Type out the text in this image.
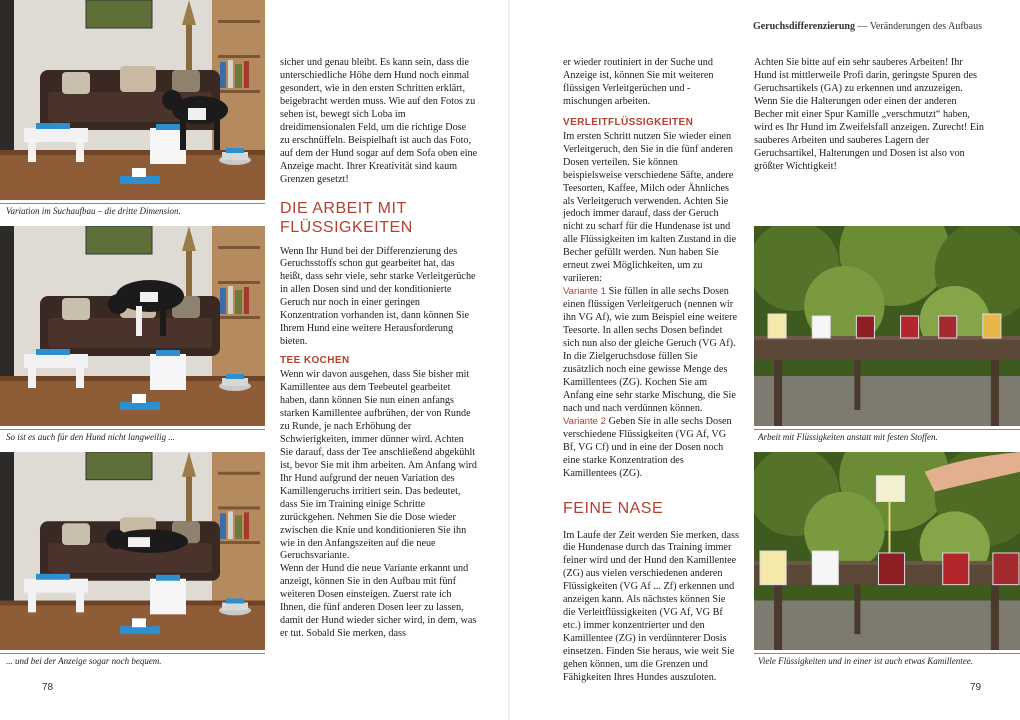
Variation im Suchaufbau – die dritte Dimension.
So ist es auch für den Hund nicht langweilig ...
... und bei der Anzeige sogar noch bequem.
78

sicher und genau bleibt. Es kann sein, dass die unterschiedliche Höhe dem Hund noch einmal gesondert, wie in den ersten Schritten erklärt, beigebracht werden muss. Wie auf den Fotos zu sehen ist, bewegt sich Loba im dreidimensionalen Feld, um die richtige Dose zu erschnüffeln. Beispielhaft ist auch das Foto, auf dem der Hund sogar auf dem Sofa oben eine Anzeige macht. Ihrer Kreativität sind kaum Grenzen gesetzt!

DIE ARBEIT MIT FLÜSSIGKEITEN

Wenn Ihr Hund bei der Differenzierung des Geruchsstoffs schon gut gearbeitet hat, das heißt, dass sehr viele, sehr starke Verleitgerüche in allen Dosen sind und der konditionierte Geruch nur noch in einer geringen Konzentration vorhanden ist, dann können Sie Ihrem Hund eine weitere Herausforderung bieten.

TEE KOCHEN

Wenn wir davon ausgehen, dass Sie bisher mit Kamillentee aus dem Teebeutel gearbeitet haben, dann können Sie nun einen anfangs starken Kamillentee aufbrühen, der von Runde zu Runde, je nach Erhöhung der Schwierigkeiten, immer dünner wird. Achten Sie darauf, dass der Tee anschließend abgekühlt ist, bevor Sie mit ihm arbeiten. Am Anfang wird Ihr Hund aufgrund der neuen Variation des Kamillengeruchs irritiert sein. Das bedeutet, dass Sie im Training einige Schritte zurückgehen. Nehmen Sie die Dose wieder zwischen die Knie und konditionieren Sie ihn wie in den Anfangszeiten auf die neue Geruchsvariante.

Wenn der Hund die neue Variante erkannt und anzeigt, können Sie in den Aufbau mit fünf weiteren Dosen einsteigen. Zuerst rate ich Ihnen, die fünf anderen Dosen leer zu lassen, damit der Hund wieder sicher wird, in dem, was er tut. Sobald Sie merken, dass

Geruchsdifferenzierung — Veränderungen des Aufbaus

er wieder routiniert in der Suche und Anzeige ist, können Sie mit weiteren flüssigen Verleitgerüchen und -mischungen arbeiten.

VERLEITFLÜSSIGKEITEN

Im ersten Schritt nutzen Sie wieder einen Verleitgeruch, den Sie in die fünf anderen Dosen verteilen. Sie können beispielsweise verschiedene Säfte, andere Teesorten, Kaffee, Milch oder Ähnliches als Verleitgeruch verwenden. Achten Sie jedoch immer darauf, dass der Geruch nicht zu scharf für die Hundenase ist und alle Flüssigkeiten im kalten Zustand in die Becher gefüllt werden. Nun haben Sie erneut zwei Möglichkeiten, um zu variieren:

Variante 1 Sie füllen in alle sechs Dosen einen flüssigen Verleitgeruch (nennen wir ihn VG Af), wie zum Beispiel eine weitere Teesorte. In allen sechs Dosen befindet sich nun also der gleiche Geruch (VG Af). In die Zielgeruchsdose füllen Sie zusätzlich noch eine gewisse Menge des Kamillentees (ZG). Kochen Sie am Anfang eine sehr starke Mischung, die Sie nach und nach verdünnen können.

Variante 2 Geben Sie in alle sechs Dosen verschiedene Flüssigkeiten (VG Af, VG Bf, VG Cf) und in eine der Dosen noch eine starke Konzentration des Kamillentees (ZG).

FEINE NASE

Im Laufe der Zeit werden Sie merken, dass die Hundenase durch das Training immer feiner wird und der Hund den Kamillentee (ZG) aus vielen verschiedenen anderen Flüssigkeiten (VG Af ... Zf) erkennen und anzeigen kann. Als nächstes können Sie die Verleitflüssigkeiten (VG Af, VG Bf etc.) immer konzentrierter und den Kamillentee (ZG) in verdünnterer Dosis einsetzen. Finden Sie heraus, wie weit Sie gehen können, um die Grenzen und Fähigkeiten Ihres Hundes auszuloten.

Achten Sie bitte auf ein sehr sauberes Arbeiten! Ihr Hund ist mittlerweile Profi darin, geringste Spuren des Geruchsartikels (GA) zu erkennen und anzuzeigen. Wenn Sie die Halterungen oder einen der anderen Becher mit einer Spur Kamille „verschmutzt“ haben, wird es Ihr Hund im Zweifelsfall anzeigen. Zurecht! Ein sauberes Arbeiten und sauberes Lagern der Geruchsartikel, Halterungen und Dosen ist also von größter Wichtigkeit!

Arbeit mit Flüssigkeiten anstatt mit festen Stoffen.
Viele Flüssigkeiten und in einer ist auch etwas Kamillentee.
79
